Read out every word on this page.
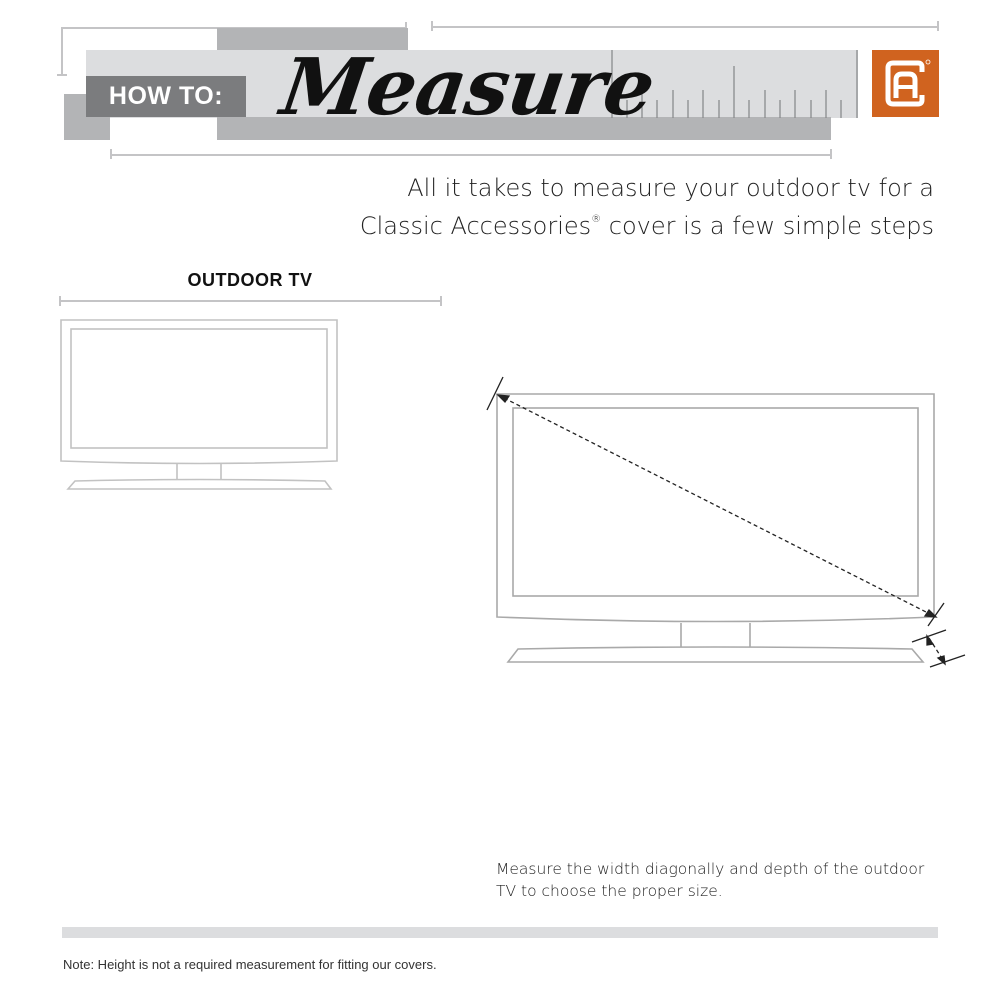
HOW TO: Measure
All it takes to measure your outdoor tv for a
Classic Accessories® cover is a few simple steps
OUTDOOR TV
Measure the width diagonally and depth of the outdoor TV to choose the proper size.
Note: Height is not a required measurement for fitting our covers.
